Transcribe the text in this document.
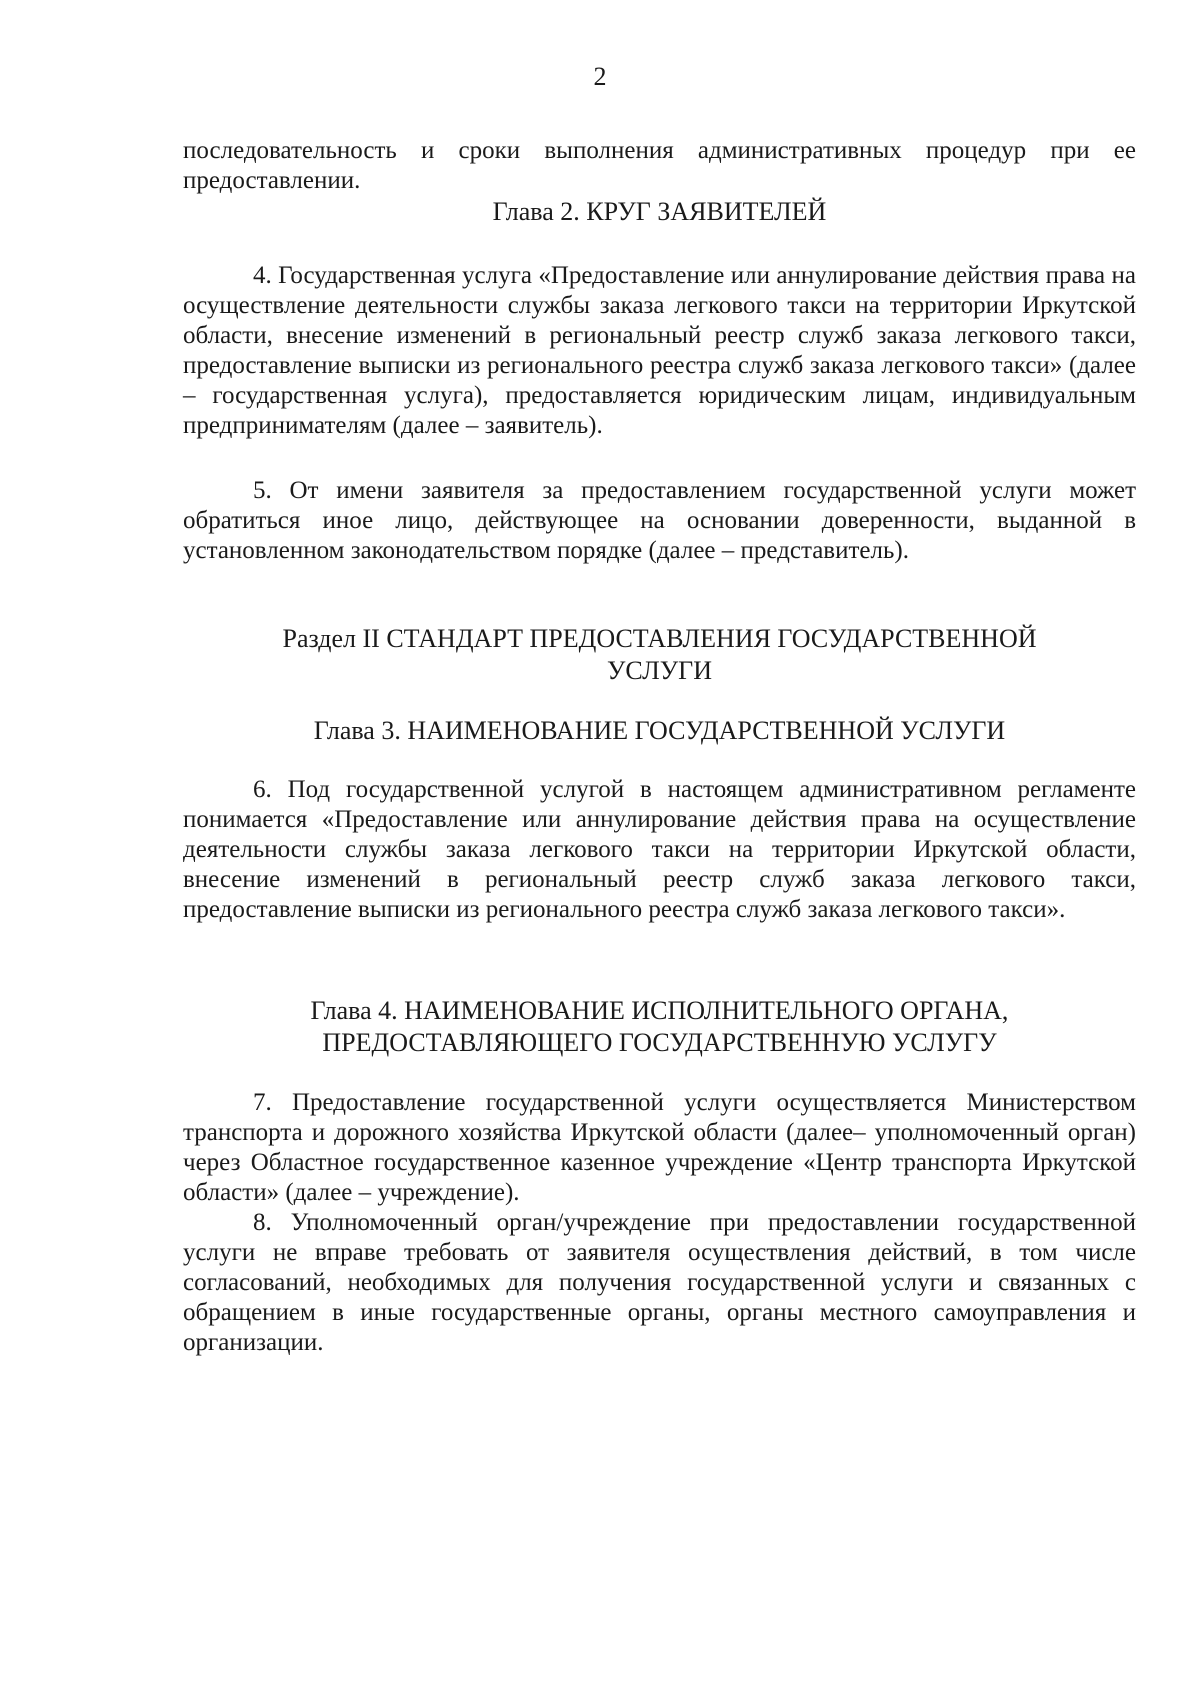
2

последовательность и сроки выполнения административных процедур при ее предоставлении.

Глава 2. КРУГ ЗАЯВИТЕЛЕЙ

4. Государственная услуга «Предоставление или аннулирование действия права на осуществление деятельности службы заказа легкового такси на территории Иркутской области, внесение изменений в региональный реестр служб заказа легкового такси, предоставление выписки из регионального реестра служб заказа легкового такси» (далее – государственная услуга), предоставляется юридическим лицам, индивидуальным предпринимателям (далее – заявитель).

5. От имени заявителя за предоставлением государственной услуги может обратиться иное лицо, действующее на основании доверенности, выданной в установленном законодательством порядке (далее – представитель).

Раздел II СТАНДАРТ ПРЕДОСТАВЛЕНИЯ ГОСУДАРСТВЕННОЙ
УСЛУГИ
Глава 3. НАИМЕНОВАНИЕ ГОСУДАРСТВЕННОЙ УСЛУГИ

6. Под государственной услугой в настоящем административном регламенте понимается «Предоставление или аннулирование действия права на осуществление деятельности службы заказа легкового такси на территории Иркутской области, внесение изменений в региональный реестр служб заказа легкового такси, предоставление выписки из регионального реестра служб заказа легкового такси».

Глава 4. НАИМЕНОВАНИЕ ИСПОЛНИТЕЛЬНОГО ОРГАНА,
ПРЕДОСТАВЛЯЮЩЕГО ГОСУДАРСТВЕННУЮ УСЛУГУ

7. Предоставление государственной услуги осуществляется Министерством транспорта и дорожного хозяйства Иркутской области (далее– уполномоченный орган) через Областное государственное казенное учреждение «Центр транспорта Иркутской области» (далее – учреждение).

8. Уполномоченный орган/учреждение при предоставлении государственной услуги не вправе требовать от заявителя осуществления действий, в том числе согласований, необходимых для получения государственной услуги и связанных с обращением в иные государственные органы, органы местного самоуправления и организации.
